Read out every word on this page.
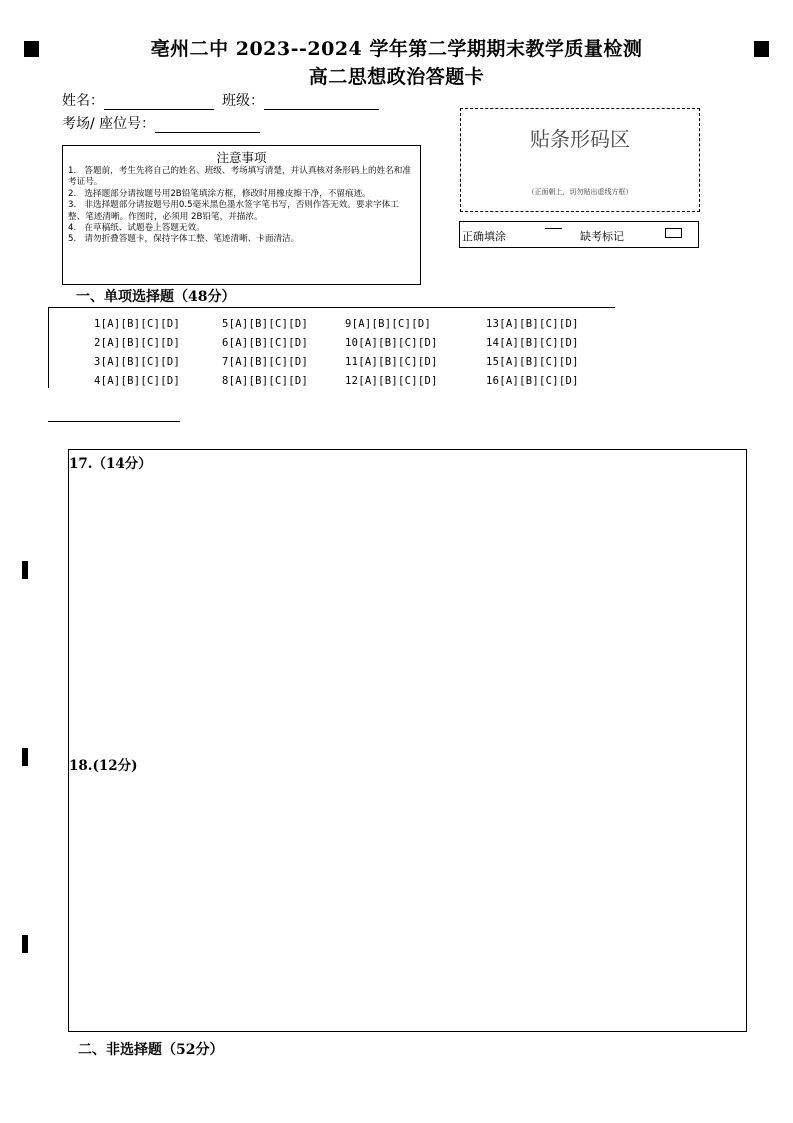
亳州二中 2023--2024 学年第二学期期末教学质量检测
高二思想政治答题卡
姓名：	班级：
考场/ 座位号：
注意事项
1.   答题前，考生先将自己的姓名、班级、考场填写清楚，并认真核对条形码上的姓名和准考证号。
2.   选择题部分请按题号用2B铅笔填涂方框，修改时用橡皮擦干净，不留痕迹。
3.   非选择题部分请按题号用0.5毫米黑色墨水签字笔书写，否则作答无效。要求字体工整、笔迹清晰。作图时，必须用 2B铅笔，并描浓。
4.   在草稿纸、试题卷上答题无效。
5.   请勿折叠答题卡，保持字体工整、笔迹清晰、卡面清洁。
贴条形码区
（正面朝上，切勿贴出虚线方框）
正确填涂	缺考标记
一、单项选择题（48分）
1[A][B][C][D]	5[A][B][C][D]	9[A][B][C][D]	13[A][B][C][D]
2[A][B][C][D]	6[A][B][C][D]	10[A][B][C][D]	14[A][B][C][D]
3[A][B][C][D]	7[A][B][C][D]	11[A][B][C][D]	15[A][B][C][D]
4[A][B][C][D]	8[A][B][C][D]	12[A][B][C][D]	16[A][B][C][D]
17.（14分）
18.(12分)
二、非选择题（52分）
